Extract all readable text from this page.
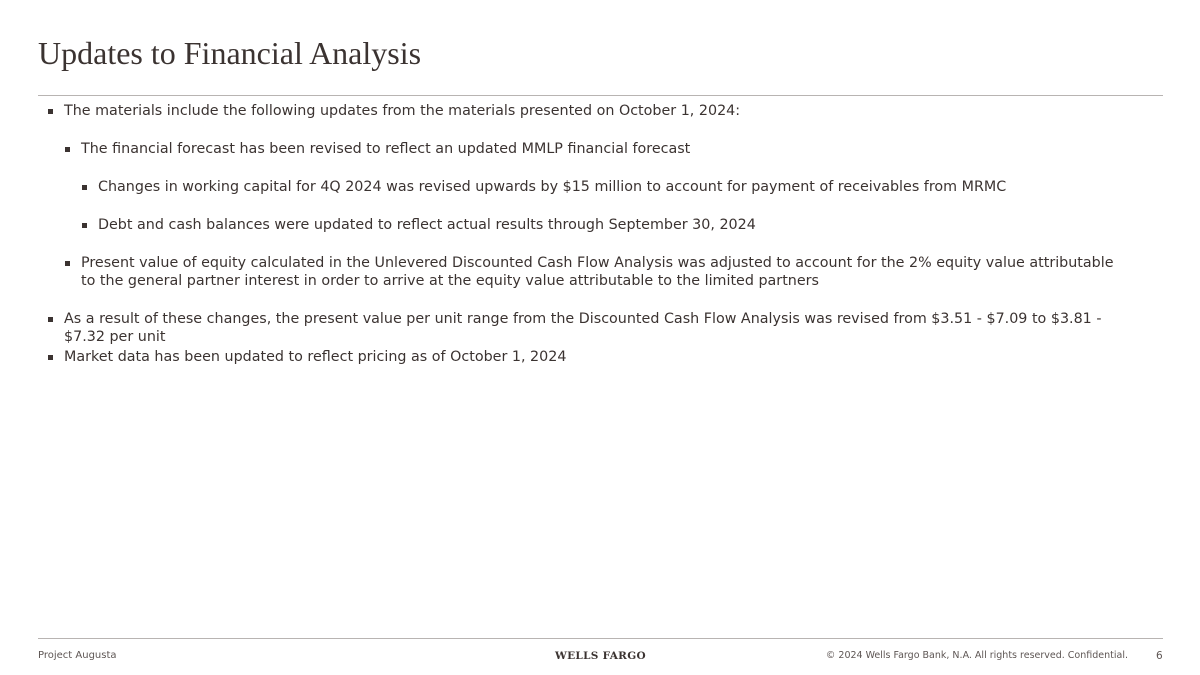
Updates to Financial Analysis
The materials include the following updates from the materials presented on October 1, 2024:
The financial forecast has been revised to reflect an updated MMLP financial forecast
Changes in working capital for 4Q 2024 was revised upwards by $15 million to account for payment of receivables from MRMC
Debt and cash balances were updated to reflect actual results through September 30, 2024
Present value of equity calculated in the Unlevered Discounted Cash Flow Analysis was adjusted to account for the 2% equity value attributable to the general partner interest in order to arrive at the equity value attributable to the limited partners
As a result of these changes, the present value per unit range from the Discounted Cash Flow Analysis was revised from $3.51 - $7.09 to $3.81 - $7.32 per unit
Market data has been updated to reflect pricing as of October 1, 2024
Project Augusta	WELLS FARGO	© 2024 Wells Fargo Bank, N.A. All rights reserved. Confidential.	6
